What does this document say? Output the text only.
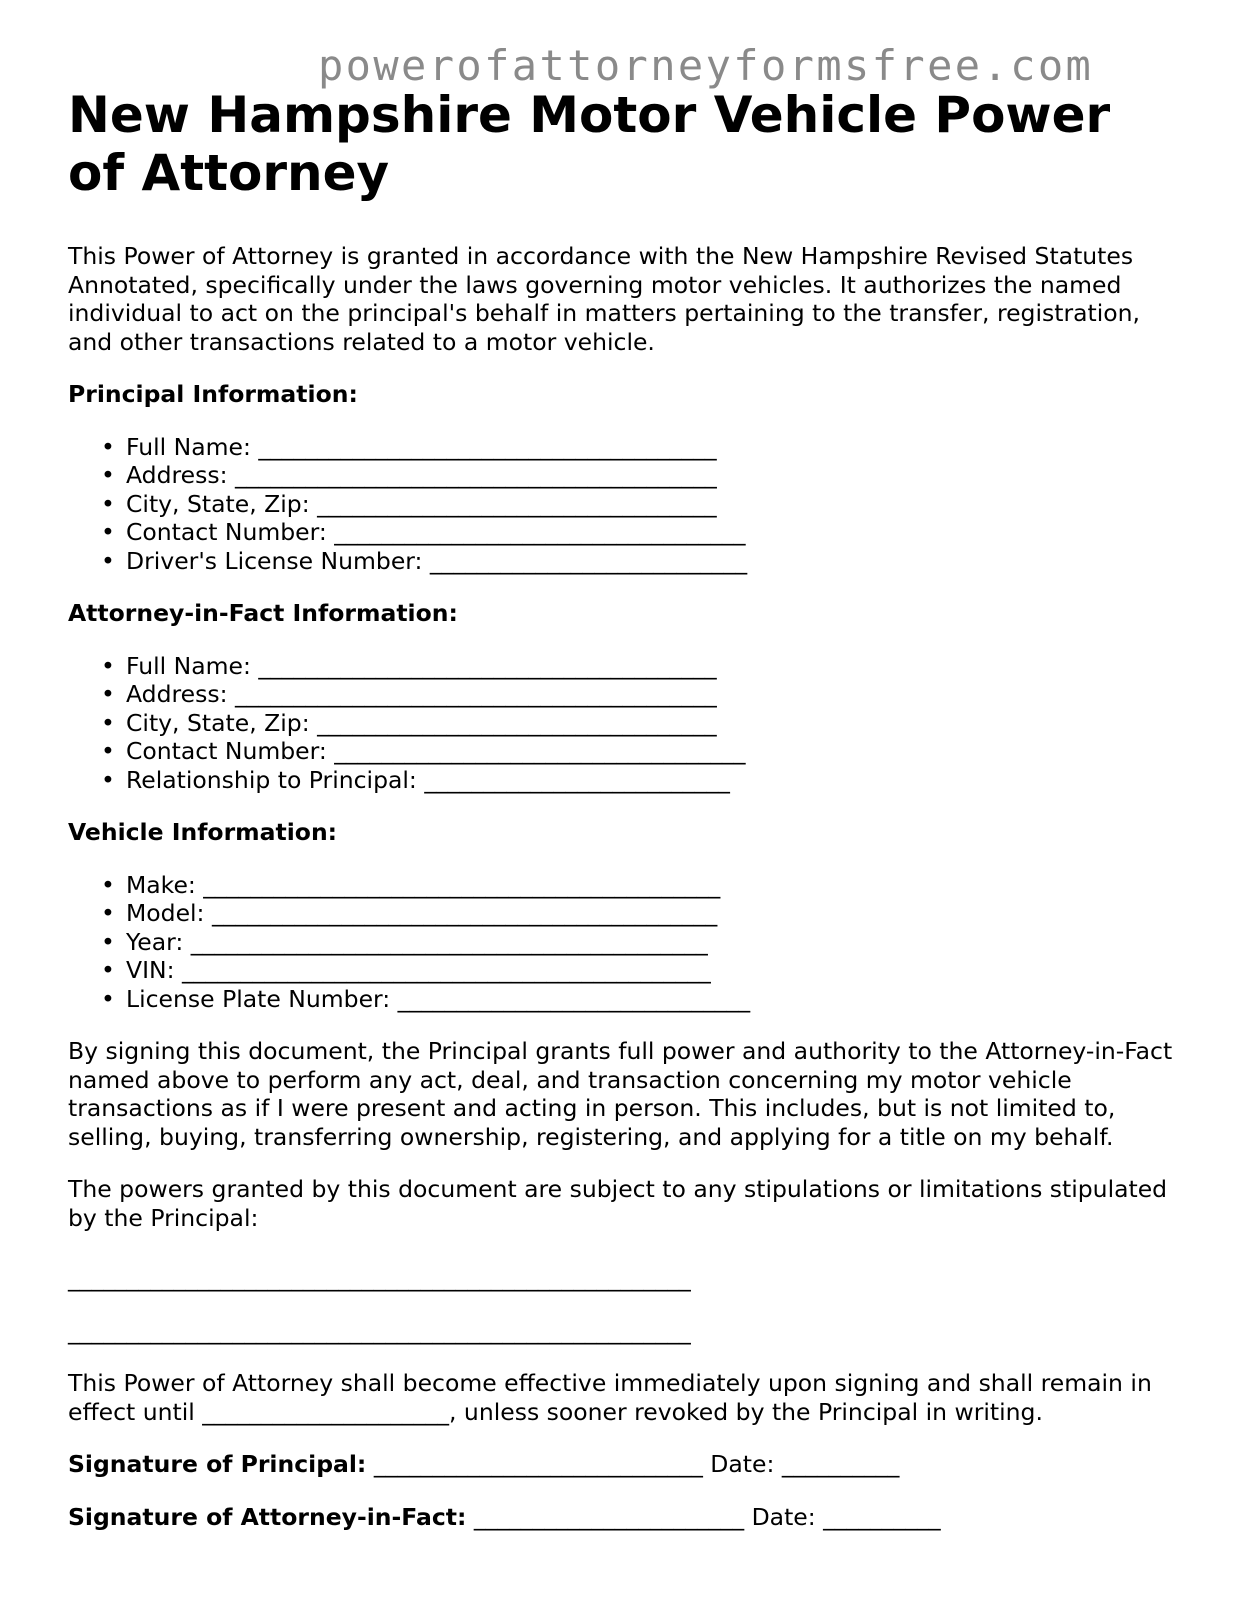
powerofattorneyformsfree.com
New Hampshire Motor Vehicle Power of Attorney

This Power of Attorney is granted in accordance with the New Hampshire Revised Statutes Annotated, specifically under the laws governing motor vehicles. It authorizes the named individual to act on the principal's behalf in matters pertaining to the transfer, registration, and other transactions related to a motor vehicle.

Principal Information:

• Full Name: _______________________________________
• Address: _________________________________________
• City, State, Zip: __________________________________
• Contact Number: ___________________________________
• Driver's License Number: ___________________________

Attorney-in-Fact Information:

• Full Name: _______________________________________
• Address: _________________________________________
• City, State, Zip: __________________________________
• Contact Number: ___________________________________
• Relationship to Principal: __________________________

Vehicle Information:

• Make: ____________________________________________
• Model: ___________________________________________
• Year: ____________________________________________
• VIN: _____________________________________________
• License Plate Number: ______________________________

By signing this document, the Principal grants full power and authority to the Attorney-in-Fact named above to perform any act, deal, and transaction concerning my motor vehicle transactions as if I were present and acting in person. This includes, but is not limited to, selling, buying, transferring ownership, registering, and applying for a title on my behalf.

The powers granted by this document are subject to any stipulations or limitations stipulated by the Principal:

_____________________________________________________
_____________________________________________________

This Power of Attorney shall become effective immediately upon signing and shall remain in effect until _____________________, unless sooner revoked by the Principal in writing.

Signature of Principal: ____________________________ Date: __________

Signature of Attorney-in-Fact: _______________________ Date: __________
